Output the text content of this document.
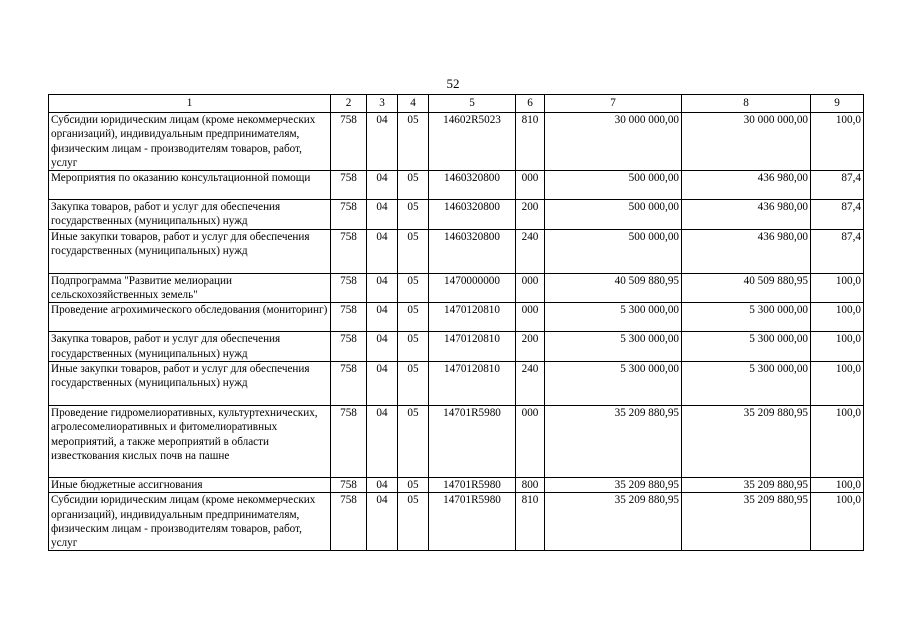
52
1	2	3	4	5	6	7	8	9
Субсидии юридическим лицам (кроме некоммерческих организаций), индивидуальным предпринимателям, физическим лицам - производителям товаров, работ, услуг	758	04	05	14602R5023	810	30 000 000,00	30 000 000,00	100,0
Мероприятия по оказанию консультационной помощи	758	04	05	1460320800	000	500 000,00	436 980,00	87,4
Закупка товаров, работ и услуг для обеспечения государственных (муниципальных) нужд	758	04	05	1460320800	200	500 000,00	436 980,00	87,4
Иные закупки товаров, работ и услуг для обеспечения государственных (муниципальных) нужд	758	04	05	1460320800	240	500 000,00	436 980,00	87,4
Подпрограмма "Развитие мелиорации сельскохозяйственных земель"	758	04	05	1470000000	000	40 509 880,95	40 509 880,95	100,0
Проведение агрохимического обследования (мониторинг)	758	04	05	1470120810	000	5 300 000,00	5 300 000,00	100,0
Закупка товаров, работ и услуг для обеспечения государственных (муниципальных) нужд	758	04	05	1470120810	200	5 300 000,00	5 300 000,00	100,0
Иные закупки товаров, работ и услуг для обеспечения государственных (муниципальных) нужд	758	04	05	1470120810	240	5 300 000,00	5 300 000,00	100,0
Проведение гидромелиоративных, культуртехнических, агролесомелиоративных и фитомелиоративных мероприятий, а также мероприятий в области известкования кислых почв на пашне	758	04	05	14701R5980	000	35 209 880,95	35 209 880,95	100,0
Иные бюджетные ассигнования	758	04	05	14701R5980	800	35 209 880,95	35 209 880,95	100,0
Субсидии юридическим лицам (кроме некоммерческих организаций), индивидуальным предпринимателям, физическим лицам - производителям товаров, работ, услуг	758	04	05	14701R5980	810	35 209 880,95	35 209 880,95	100,0
